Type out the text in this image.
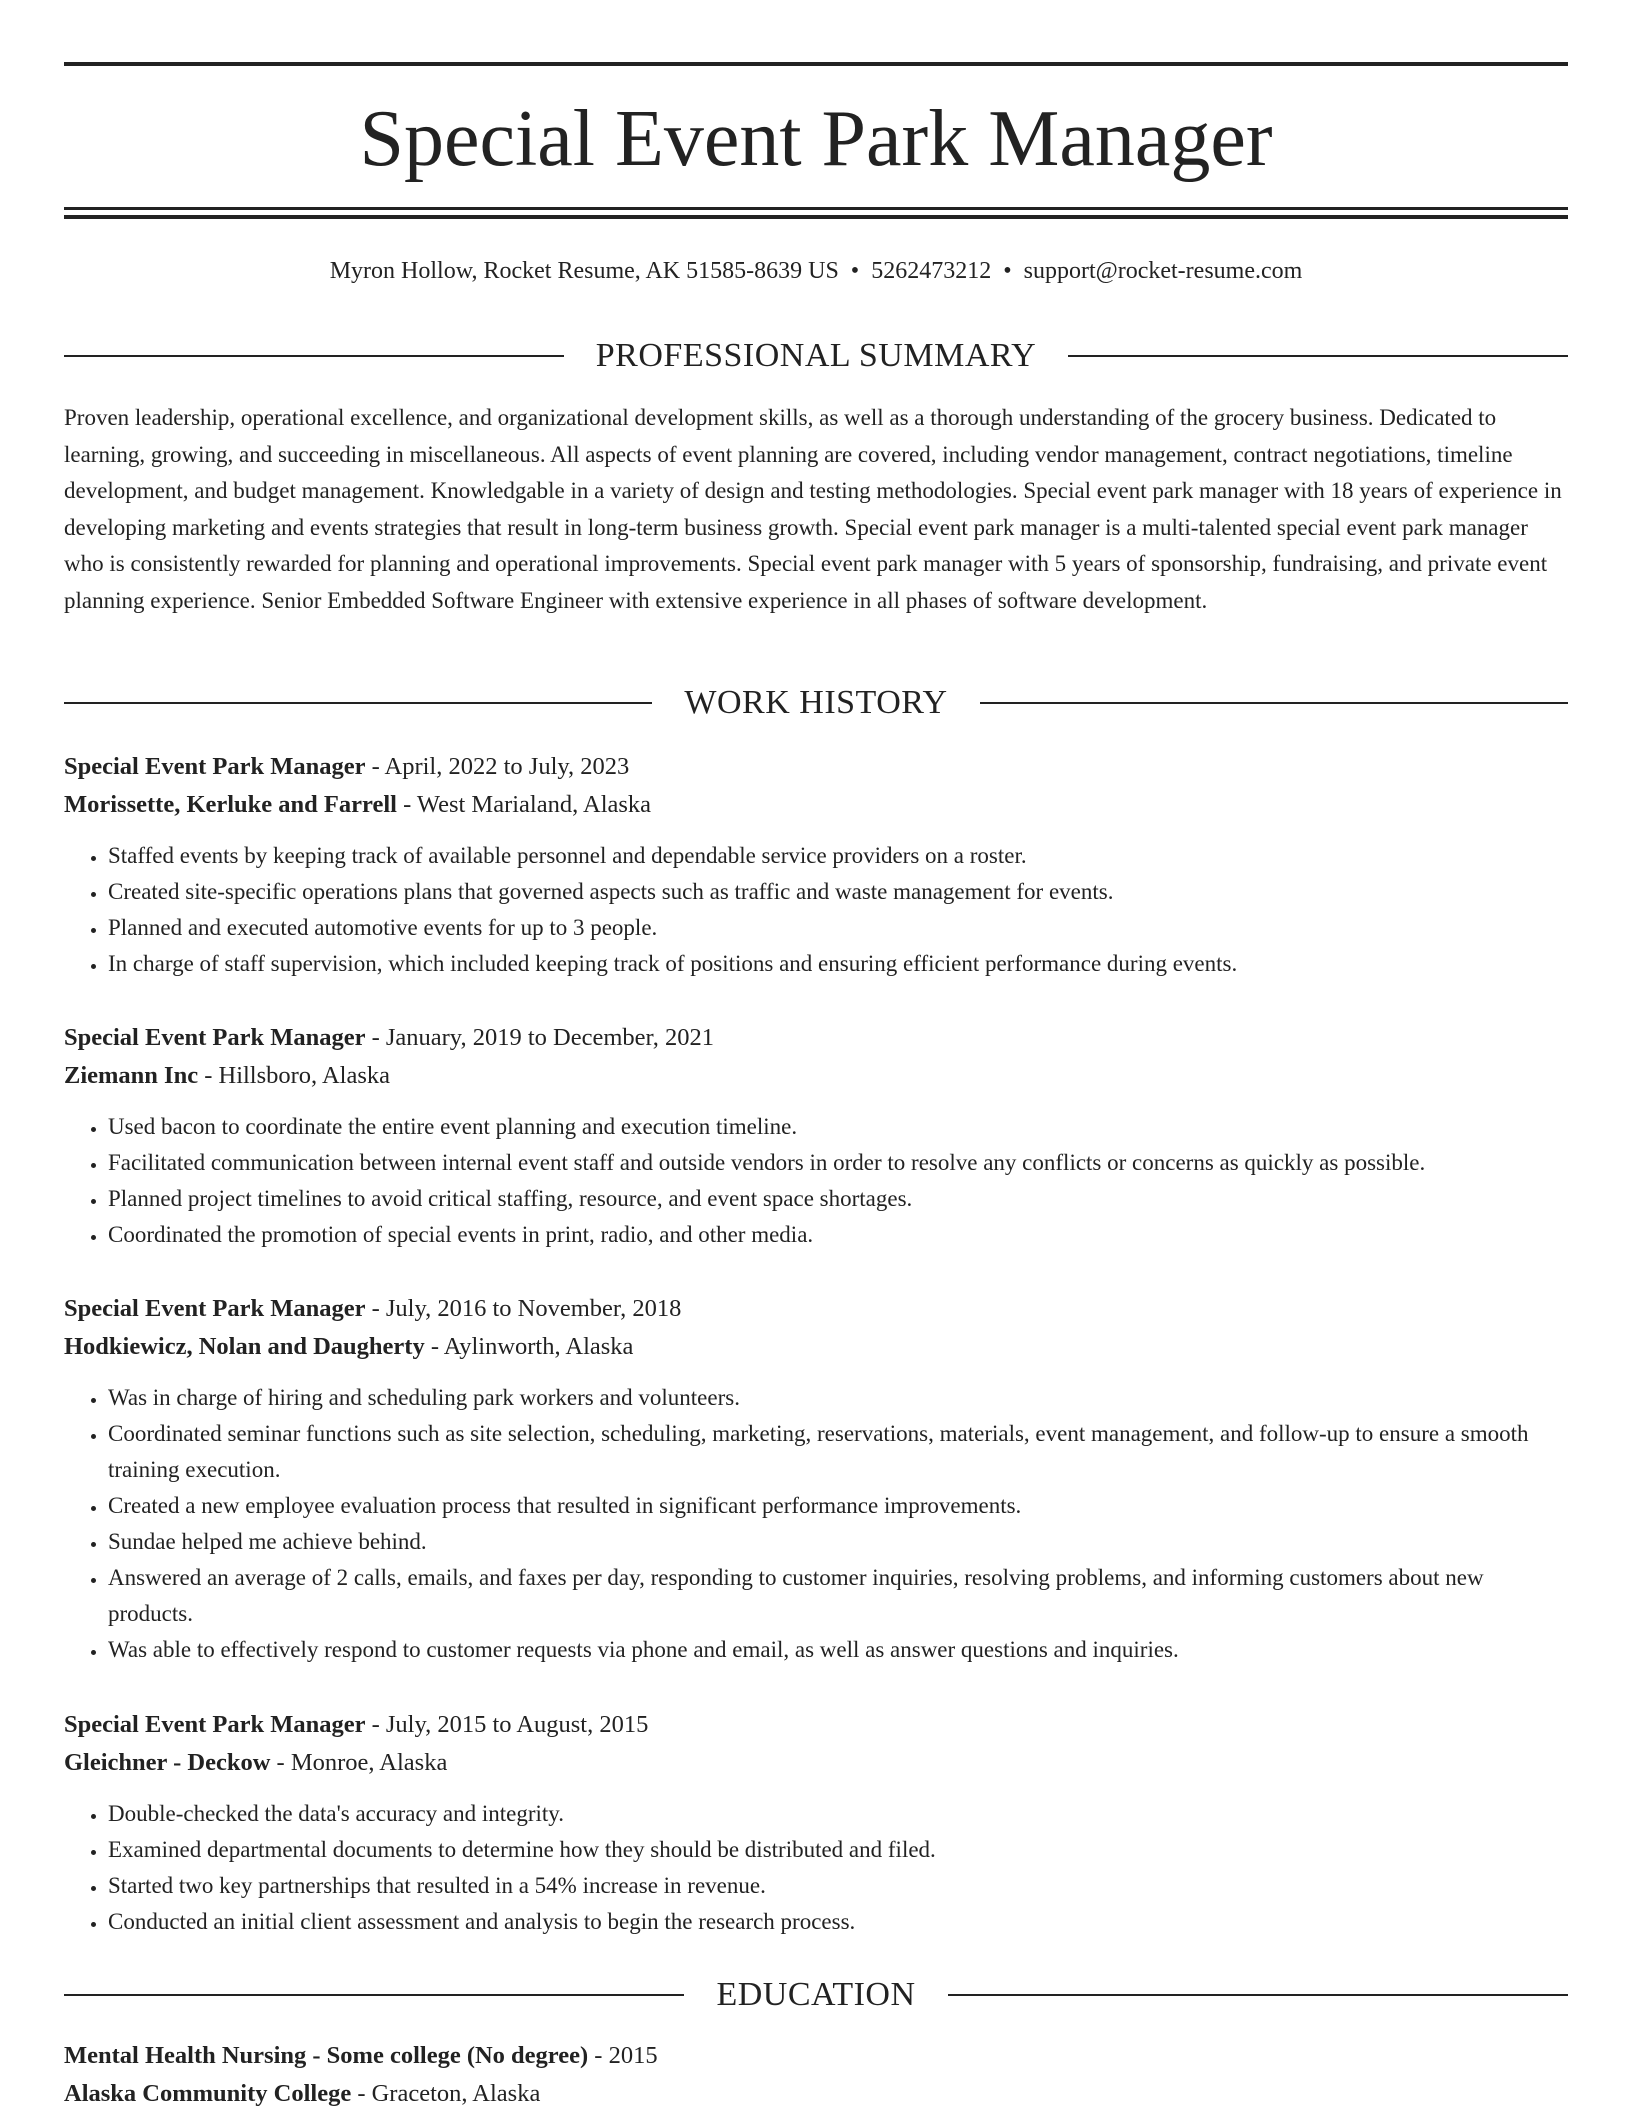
Special Event Park Manager
Myron Hollow, Rocket Resume, AK 51585-8639 US • 5262473212 • support@rocket-resume.com
PROFESSIONAL SUMMARY

Proven leadership, operational excellence, and organizational development skills, as well as a thorough understanding of the grocery business. Dedicated to learning, growing, and succeeding in miscellaneous. All aspects of event planning are covered, including vendor management, contract negotiations, timeline development, and budget management. Knowledgable in a variety of design and testing methodologies. Special event park manager with 18 years of experience in developing marketing and events strategies that result in long-term business growth. Special event park manager is a multi-talented special event park manager who is consistently rewarded for planning and operational improvements. Special event park manager with 5 years of sponsorship, fundraising, and private event planning experience. Senior Embedded Software Engineer with extensive experience in all phases of software development.

WORK HISTORY

Special Event Park Manager - April, 2022 to July, 2023

Morissette, Kerluke and Farrell - West Marialand, Alaska

• Staffed events by keeping track of available personnel and dependable service providers on a roster.
• Created site-specific operations plans that governed aspects such as traffic and waste management for events.
• Planned and executed automotive events for up to 3 people.
• In charge of staff supervision, which included keeping track of positions and ensuring efficient performance during events.

Special Event Park Manager - January, 2019 to December, 2021

Ziemann Inc - Hillsboro, Alaska

• Used bacon to coordinate the entire event planning and execution timeline.
• Facilitated communication between internal event staff and outside vendors in order to resolve any conflicts or concerns as quickly as possible.
• Planned project timelines to avoid critical staffing, resource, and event space shortages.
• Coordinated the promotion of special events in print, radio, and other media.

Special Event Park Manager - July, 2016 to November, 2018

Hodkiewicz, Nolan and Daugherty - Aylinworth, Alaska

• Was in charge of hiring and scheduling park workers and volunteers.
• Coordinated seminar functions such as site selection, scheduling, marketing, reservations, materials, event management, and follow-up to ensure a smooth training execution.
• Created a new employee evaluation process that resulted in significant performance improvements.
• Sundae helped me achieve behind.
• Answered an average of 2 calls, emails, and faxes per day, responding to customer inquiries, resolving problems, and informing customers about new products.
• Was able to effectively respond to customer requests via phone and email, as well as answer questions and inquiries.

Special Event Park Manager - July, 2015 to August, 2015

Gleichner - Deckow - Monroe, Alaska

• Double-checked the data's accuracy and integrity.
• Examined departmental documents to determine how they should be distributed and filed.
• Started two key partnerships that resulted in a 54% increase in revenue.
• Conducted an initial client assessment and analysis to begin the research process.
EDUCATION

Mental Health Nursing - Some college (No degree) - 2015

Alaska Community College - Graceton, Alaska
